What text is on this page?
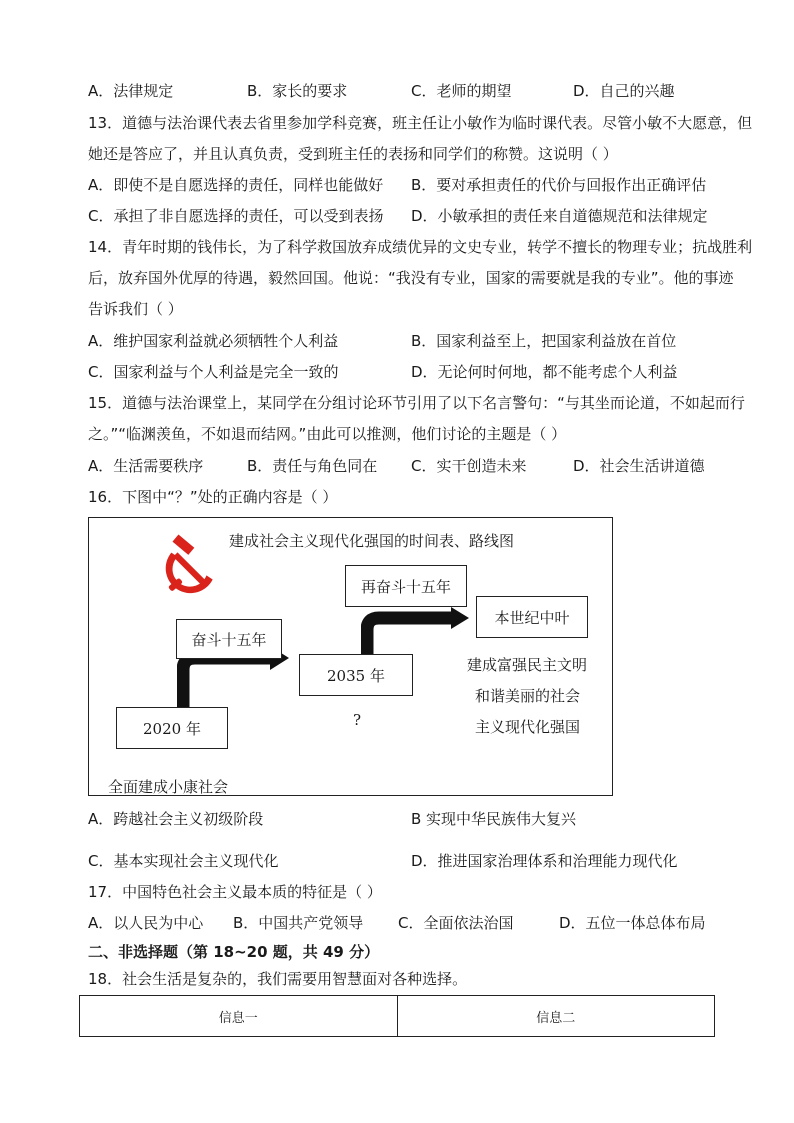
A．法律规定	B．家长的要求	C．老师的期望	D．自己的兴趣
13．道德与法治课代表去省里参加学科竞赛，班主任让小敏作为临时课代表。尽管小敏不大愿意，但
她还是答应了，并且认真负责，受到班主任的表扬和同学们的称赞。这说明（ ）
A．即使不是自愿选择的责任，同样也能做好 B．要对承担责任的代价与回报作出正确评估
C．承担了非自愿选择的责任，可以受到表扬 D．小敏承担的责任来自道德规范和法律规定
14．青年时期的钱伟长，为了科学救国放弃成绩优异的文史专业，转学不擅长的物理专业；抗战胜利
后，放弃国外优厚的待遇，毅然回国。他说：“我没有专业，国家的需要就是我的专业”。他的事迹
告诉我们（ ）
A．维护国家利益就必须牺牲个人利益	B．国家利益至上，把国家利益放在首位
C．国家利益与个人利益是完全一致的	D．无论何时何地，都不能考虑个人利益
15．道德与法治课堂上，某同学在分组讨论环节引用了以下名言警句：“与其坐而论道，不如起而行
之。”“临渊羡鱼，不如退而结网。”由此可以推测，他们讨论的主题是（ ）
A．生活需要秩序	B．责任与角色同在 C．实干创造未来	D．社会生活讲道德
16．下图中“？”处的正确内容是（ ）
建成社会主义现代化强国的时间表、路线图
2020 年
全面建成小康社会
奋斗十五年
2035 年
?
再奋斗十五年
本世纪中叶
建成富强民主文明
和谐美丽的社会
主义现代化强国
A．跨越社会主义初级阶段	B 实现中华民族伟大复兴
C．基本实现社会主义现代化	D．推进国家治理体系和治理能力现代化
17．中国特色社会主义最本质的特征是（ ）
A．以人民为中心 B．中国共产党领导 C．全面依法治国	D．五位一体总体布局
二、非选择题（第 18~20 题，共 49 分）
18．社会生活是复杂的，我们需要用智慧面对各种选择。
信息一	信息二
